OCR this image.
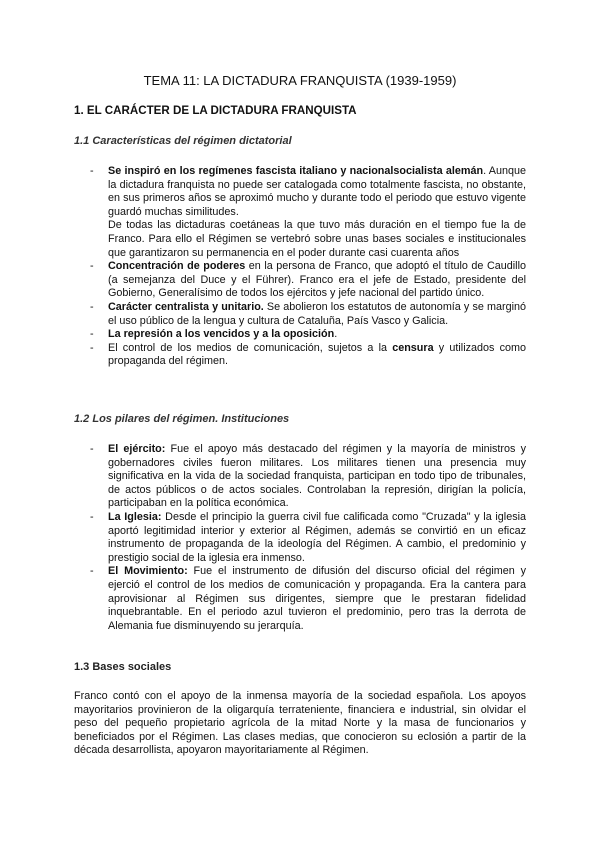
TEMA 11: LA DICTADURA FRANQUISTA (1939-1959)
1. EL CARÁCTER DE LA DICTADURA FRANQUISTA
1.1 Características del régimen dictatorial
- Se inspiró en los regímenes fascista italiano y nacionalsocialista alemán. Aunque la dictadura franquista no puede ser catalogada como totalmente fascista, no obstante, en sus primeros años se aproximó mucho y durante todo el periodo que estuvo vigente guardó muchas similitudes.

De todas las dictaduras coetáneas la que tuvo más duración en el tiempo fue la de Franco. Para ello el Régimen se vertebró sobre unas bases sociales e institucionales que garantizaron su permanencia en el poder durante casi cuarenta años

- Concentración de poderes en la persona de Franco, que adoptó el título de Caudillo (a semejanza del Duce y el Führer). Franco era el jefe de Estado, presidente del Gobierno, Generalísimo de todos los ejércitos y jefe nacional del partido único.

- Carácter centralista y unitario. Se abolieron los estatutos de autonomía y se marginó el uso público de la lengua y cultura de Cataluña, País Vasco y Galicia.

- La represión a los vencidos y a la oposición.

- El control de los medios de comunicación, sujetos a la censura y utilizados como propaganda del régimen.

1.2 Los pilares del régimen. Instituciones
- El ejército: Fue el apoyo más destacado del régimen y la mayoría de ministros y gobernadores civiles fueron militares. Los militares tienen una presencia muy significativa en la vida de la sociedad franquista, participan en todo tipo de tribunales, de actos públicos o de actos sociales. Controlaban la represión, dirigían la policía, participaban en la política económica.

- La Iglesia: Desde el principio la guerra civil fue calificada como "Cruzada" y la iglesia aportó legitimidad interior y exterior al Régimen, además se convirtió en un eficaz instrumento de propaganda de la ideología del Régimen. A cambio, el predominio y prestigio social de la iglesia era inmenso.

- El Movimiento: Fue el instrumento de difusión del discurso oficial del régimen y ejerció el control de los medios de comunicación y propaganda. Era la cantera para aprovisionar al Régimen sus dirigentes, siempre que le prestaran fidelidad inquebrantable. En el periodo azul tuvieron el predominio, pero tras la derrota de Alemania fue disminuyendo su jerarquía.

1.3 Bases sociales

Franco contó con el apoyo de la inmensa mayoría de la sociedad española. Los apoyos mayoritarios provinieron de la oligarquía terrateniente, financiera e industrial, sin olvidar el peso del pequeño propietario agrícola de la mitad Norte y la masa de funcionarios y beneficiados por el Régimen. Las clases medias, que conocieron su eclosión a partir de la década desarrollista, apoyaron mayoritariamente al Régimen.
